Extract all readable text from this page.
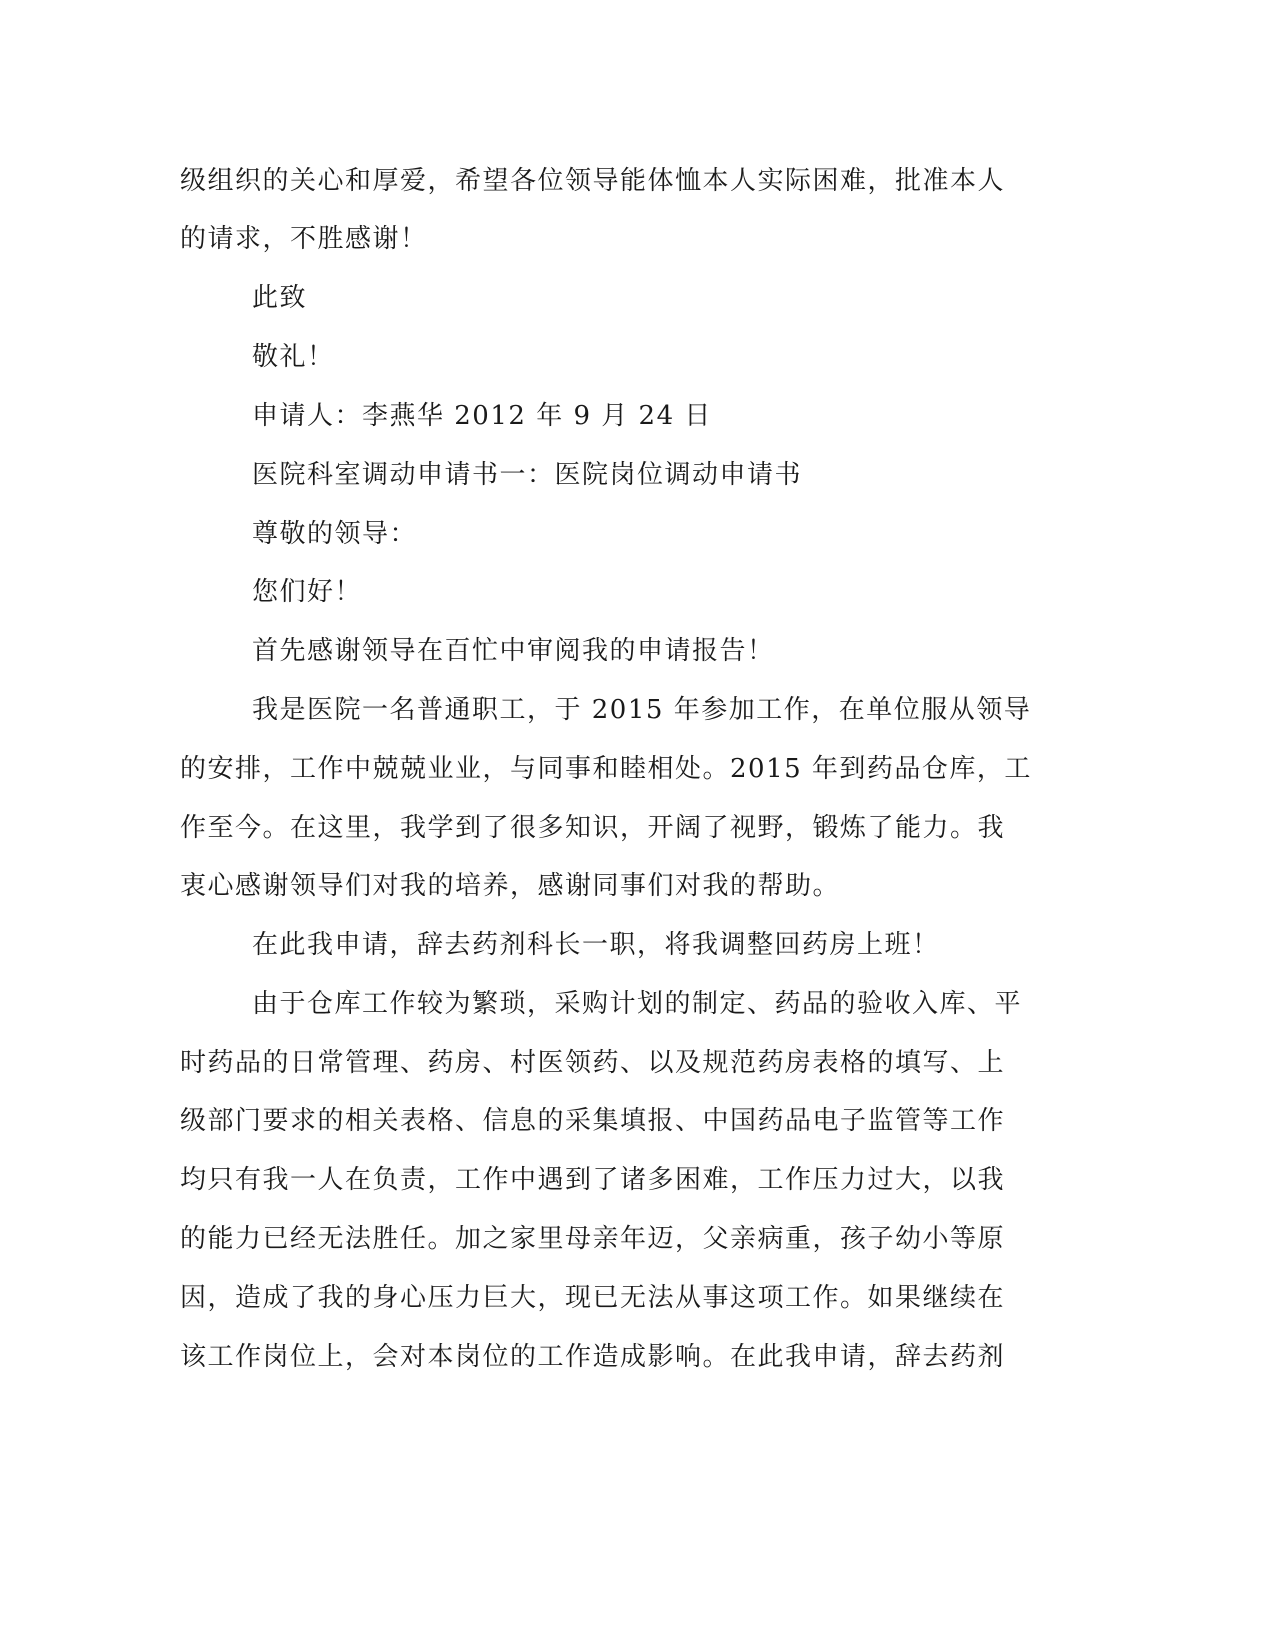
级组织的关心和厚爱，希望各位领导能体恤本人实际困难，批准本人
的请求，不胜感谢！
此致
敬礼！
申请人：李燕华 2012 年 9 月 24 日
医院科室调动申请书一：医院岗位调动申请书
尊敬的领导：
您们好！
首先感谢领导在百忙中审阅我的申请报告！
我是医院一名普通职工，于 2015 年参加工作，在单位服从领导
的安排，工作中兢兢业业，与同事和睦相处。2015 年到药品仓库，工
作至今。在这里，我学到了很多知识，开阔了视野，锻炼了能力。我
衷心感谢领导们对我的培养，感谢同事们对我的帮助。
在此我申请，辞去药剂科长一职，将我调整回药房上班！
由于仓库工作较为繁琐，采购计划的制定、药品的验收入库、平
时药品的日常管理、药房、村医领药、以及规范药房表格的填写、上
级部门要求的相关表格、信息的采集填报、中国药品电子监管等工作
均只有我一人在负责，工作中遇到了诸多困难，工作压力过大，以我
的能力已经无法胜任。加之家里母亲年迈，父亲病重，孩子幼小等原
因，造成了我的身心压力巨大，现已无法从事这项工作。如果继续在
该工作岗位上，会对本岗位的工作造成影响。在此我申请，辞去药剂
